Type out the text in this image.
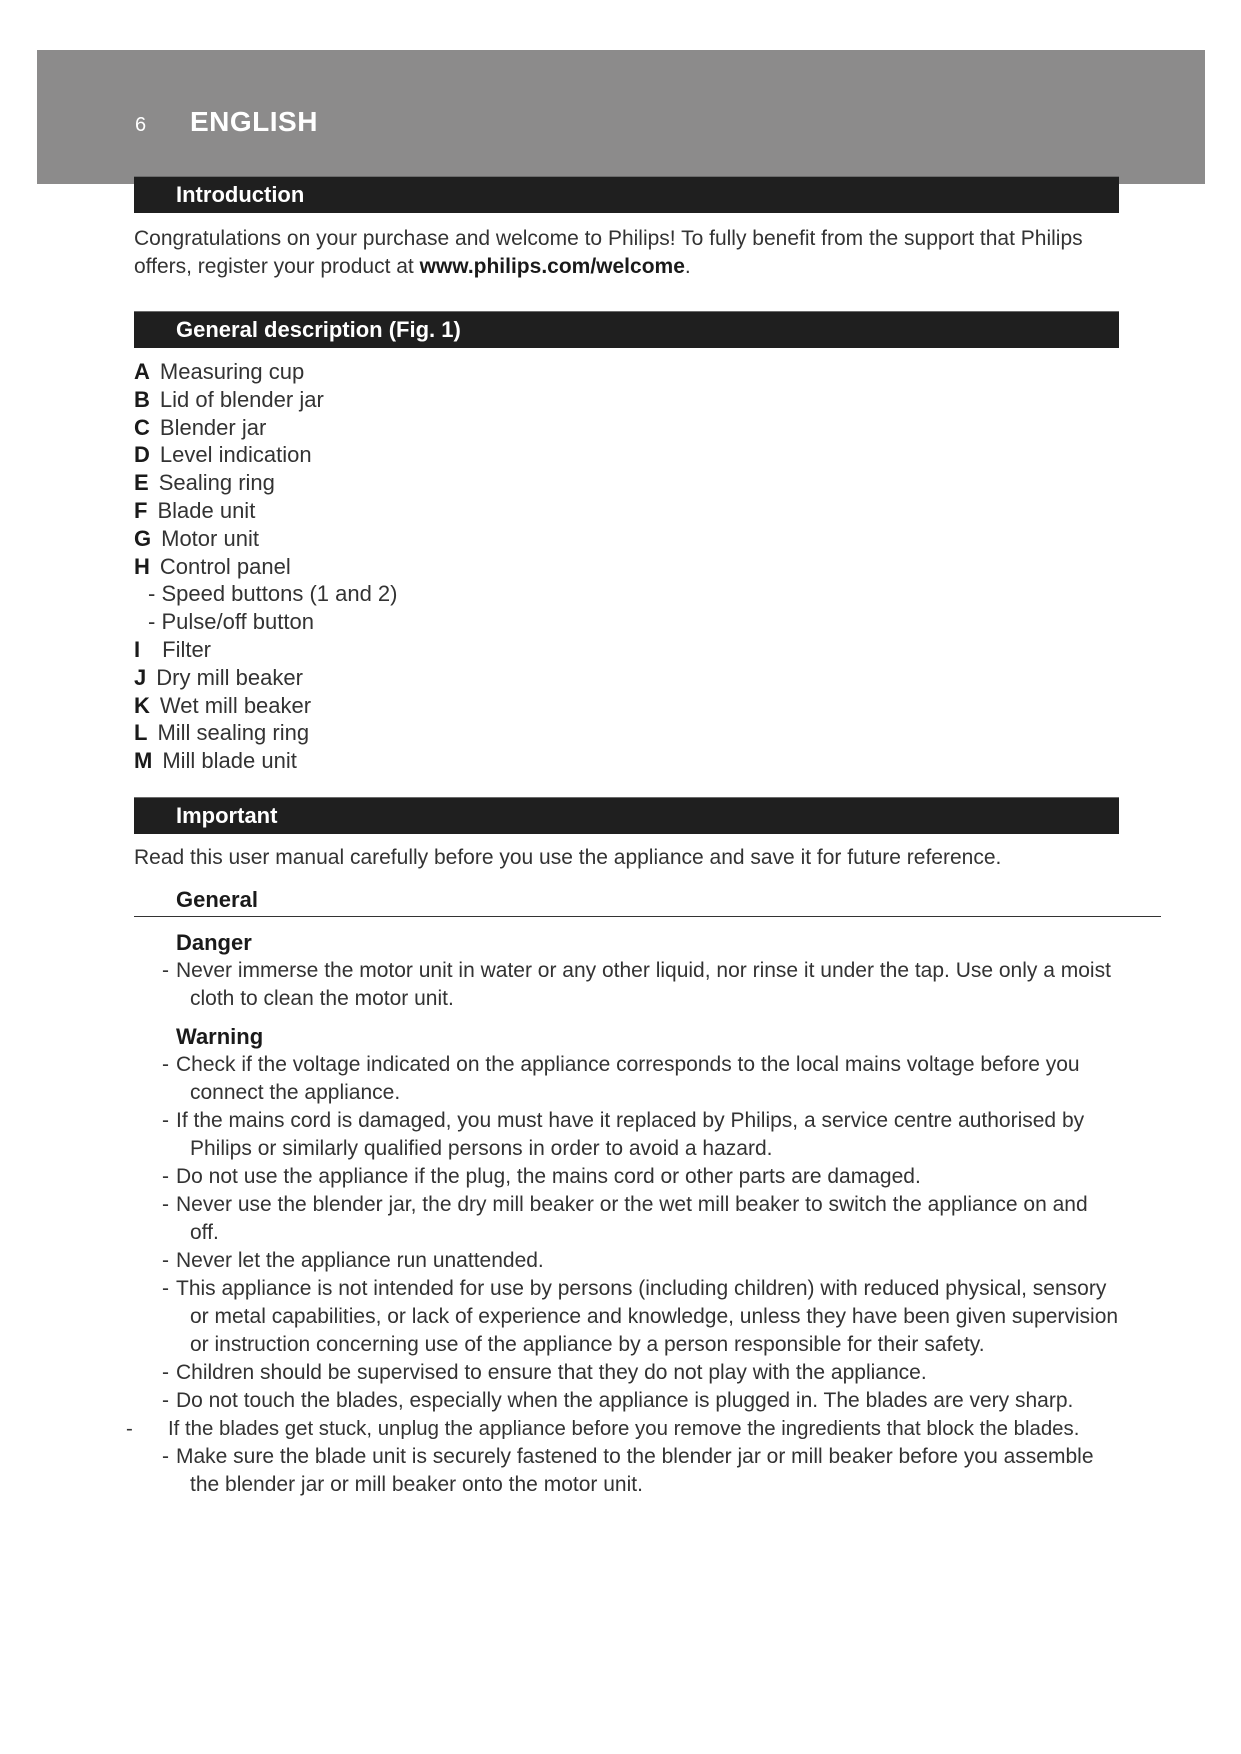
6 ENGLISH
Introduction
Congratulations on your purchase and welcome to Philips! To fully benefit from the support that Philips offers, register your product at www.philips.com/welcome.
General description (Fig. 1)
A Measuring cup
B Lid of blender jar
C Blender jar
D Level indication
E Sealing ring
F Blade unit
G Motor unit
H Control panel
- Speed buttons (1 and 2)
- Pulse/off button
I Filter
J Dry mill beaker
K Wet mill beaker
L Mill sealing ring
M Mill blade unit
Important
Read this user manual carefully before you use the appliance and save it for future reference.
General
Danger
- Never immerse the motor unit in water or any other liquid, nor rinse it under the tap. Use only a moist cloth to clean the motor unit.
Warning
- Check if the voltage indicated on the appliance corresponds to the local mains voltage before you connect the appliance.
- If the mains cord is damaged, you must have it replaced by Philips, a service centre authorised by Philips or similarly qualified persons in order to avoid a hazard.
- Do not use the appliance if the plug, the mains cord or other parts are damaged.
- Never use the blender jar, the dry mill beaker or the wet mill beaker to switch the appliance on and off.
- Never let the appliance run unattended.
- This appliance is not intended for use by persons (including children) with reduced physical, sensory or metal capabilities, or lack of experience and knowledge, unless they have been given supervision or instruction concerning use of the appliance by a person responsible for their safety.
- Children should be supervised to ensure that they do not play with the appliance.
- Do not touch the blades, especially when the appliance is plugged in. The blades are very sharp.
- If the blades get stuck, unplug the appliance before you remove the ingredients that block the blades.
- Make sure the blade unit is securely fastened to the blender jar or mill beaker before you assemble the blender jar or mill beaker onto the motor unit.
